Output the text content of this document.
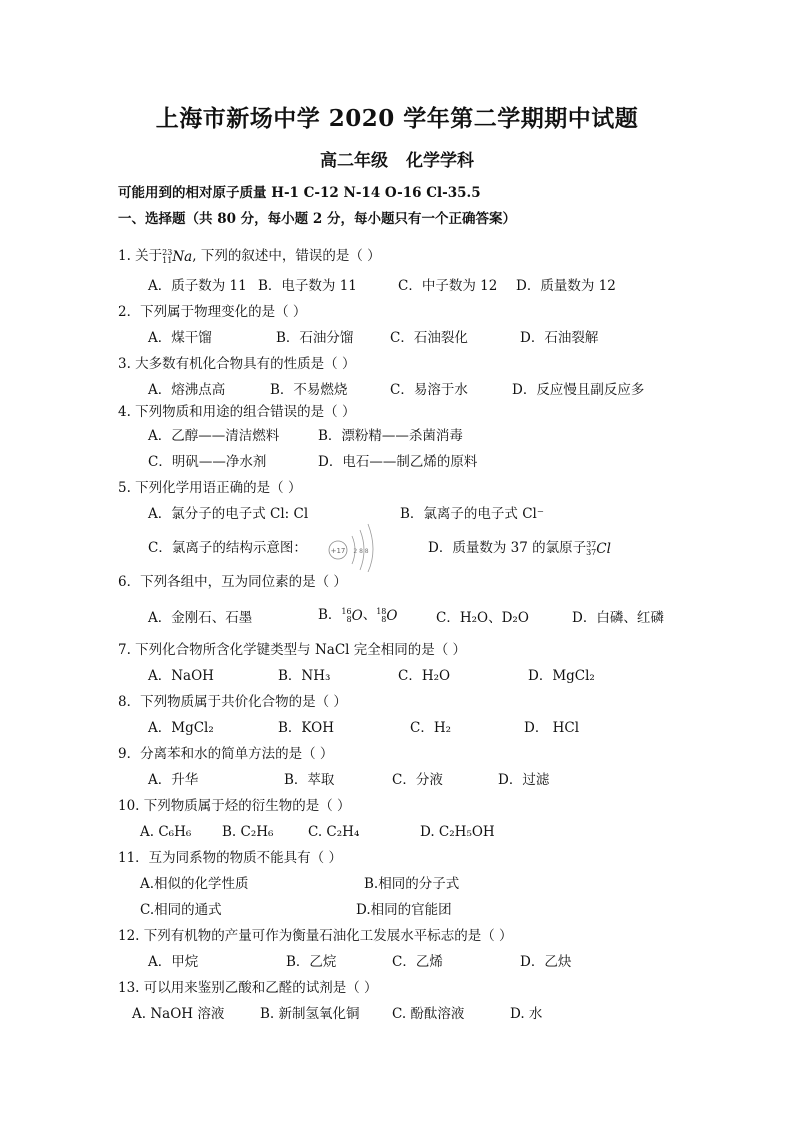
上海市新场中学 2020 学年第二学期期中试题
高二年级 化学学科
可能用到的相对原子质量 H-1 C-12 N-14 O-16 Cl-35.5
一、选择题（共 80 分，每小题 2 分，每小题只有一个正确答案）
1. 关于 23
11 Na, 下列的叙述中，错误的是（ ）
A．质子数为 11 B．电子数为 11	C．中子数为 12 D．质量数为 12
2．下列属于物理变化的是（ ）
A．煤干馏	B．石油分馏	C．石油裂化	D．石油裂解
3. 大多数有机化合物具有的性质是（ ）
A．熔沸点高	B．不易燃烧	C．易溶于水	D．反应慢且副反应多
4. 下列物质和用途的组合错误的是（ ）
A．乙醇——清洁燃料	B．漂粉精——杀菌消毒
C．明矾——净水剂	D．电石——制乙烯的原料
5. 下列化学用语正确的是（ ）
A．氯分子的电子式 Cl: Cl	B．氯离子的电子式 Cl⁻
C．氯离子的结构示意图：	+17 2 8 8	D．质量数为 37 的氯原子 37
37 Cl
6．下列各组中，互为同位素的是（ ）
A．金刚石、石墨	B． 16
8 O、 18
8 O	C．H₂O、D₂O	D．白磷、红磷
7. 下列化合物所含化学键类型与 NaCl 完全相同的是（ ）
A．NaOH	B．NH₃	C．H₂O	D．MgCl₂
8．下列物质属于共价化合物的是（ ）
A．MgCl₂	B．KOH	C．H₂	D． HCl
9．分离苯和水的简单方法的是（ ）
A．升华	B．萃取	C．分液	D．过滤
10. 下列物质属于烃的衍生物的是（ ）
A. C₆H₆ B. C₂H₆	C. C₂H₄	D. C₂H₅OH
11．互为同系物的物质不能具有（ ）
A.相似的化学性质	B.相同的分子式
C.相同的通式	D.相同的官能团
12. 下列有机物的产量可作为衡量石油化工发展水平标志的是（ ）
A．甲烷	B．乙烷	C．乙烯	D．乙炔
13. 可以用来鉴别乙酸和乙醛的试剂是（ ）
A. NaOH 溶液	B. 新制氢氧化铜 C. 酚酞溶液	D. 水
